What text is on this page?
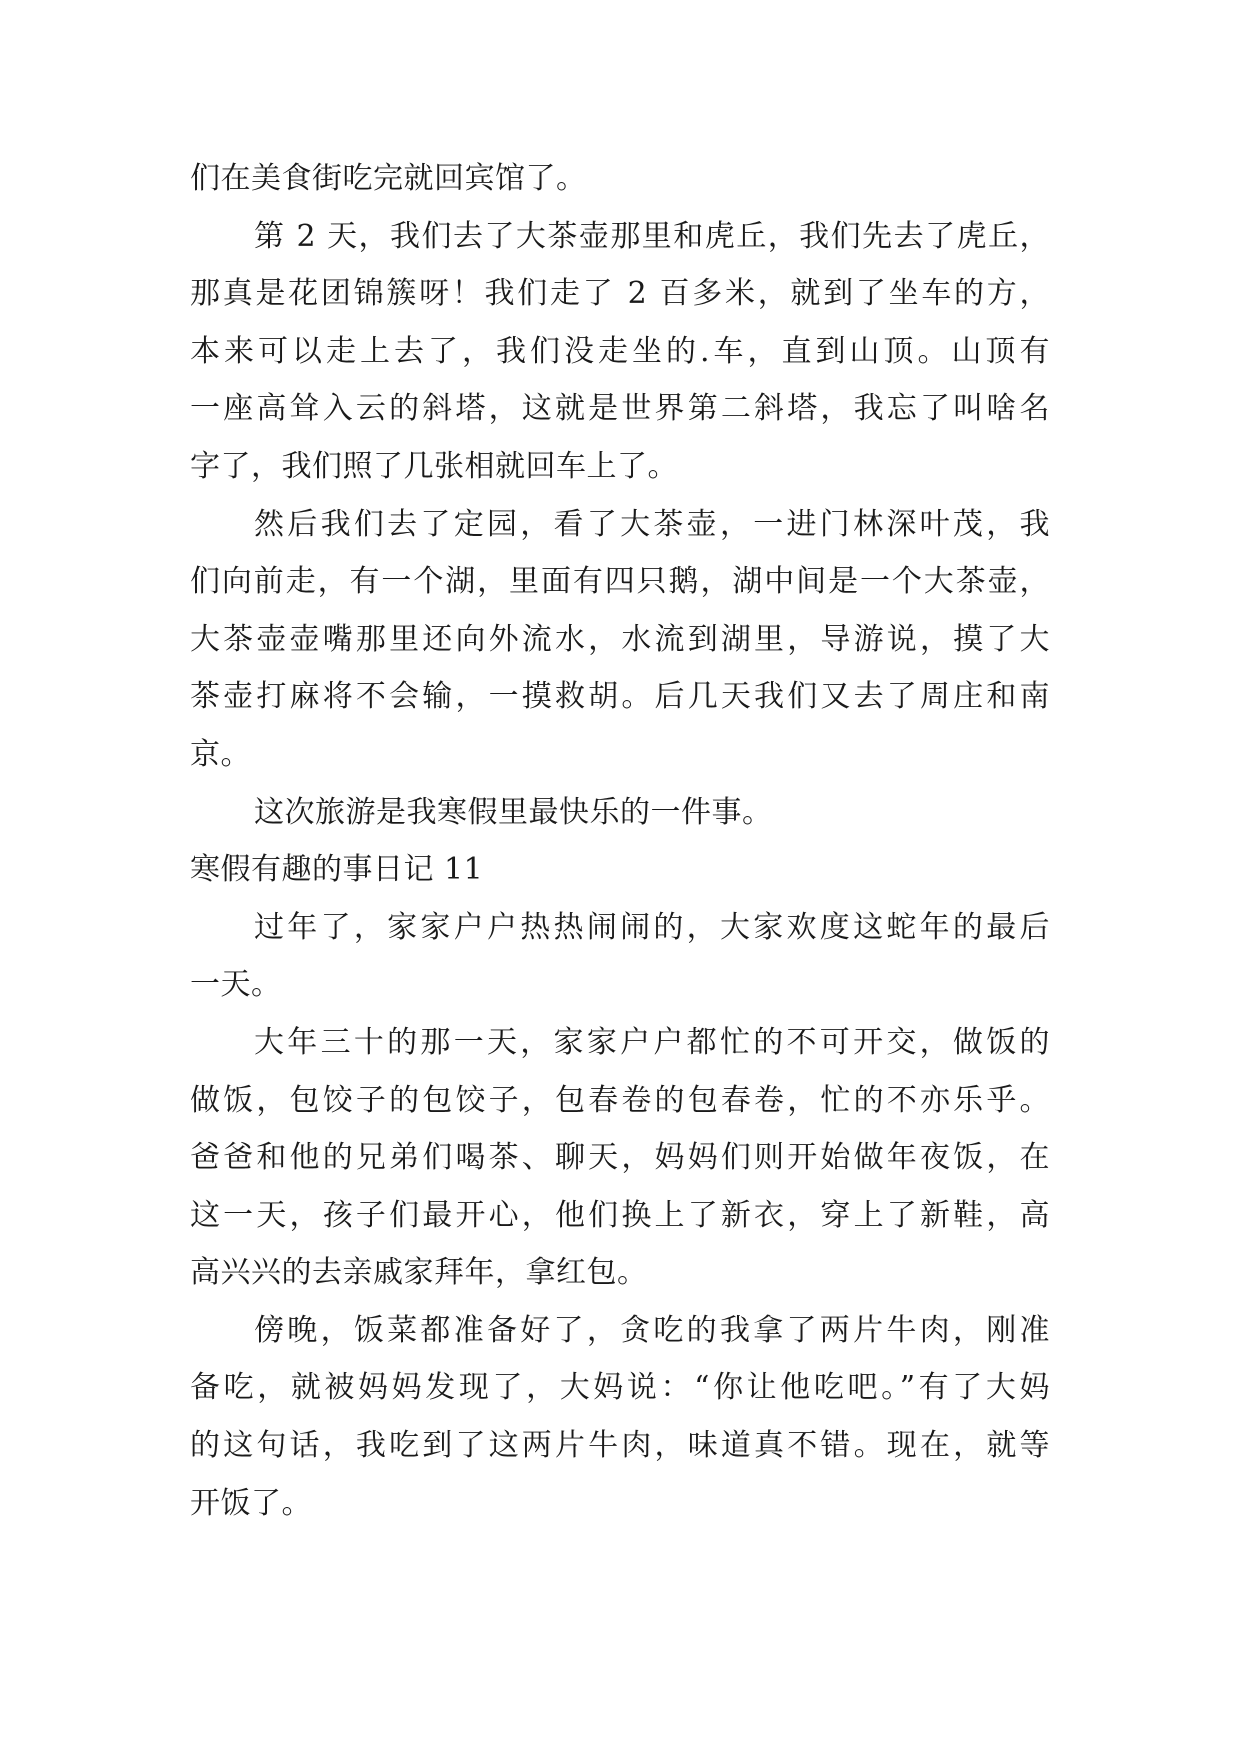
们在美食街吃完就回宾馆了。
第 2 天，我们去了大茶壶那里和虎丘，我们先去了虎丘，
那真是花团锦簇呀！我们走了 2 百多米，就到了坐车的方，
本来可以走上去了，我们没走坐的.车，直到山顶。山顶有
一座高耸入云的斜塔，这就是世界第二斜塔，我忘了叫啥名
字了，我们照了几张相就回车上了。
然后我们去了定园，看了大茶壶，一进门林深叶茂，我
们向前走，有一个湖，里面有四只鹅，湖中间是一个大茶壶，
大茶壶壶嘴那里还向外流水，水流到湖里，导游说，摸了大
茶壶打麻将不会输，一摸救胡。后几天我们又去了周庄和南
京。
这次旅游是我寒假里最快乐的一件事。
寒假有趣的事日记 11
过年了，家家户户热热闹闹的，大家欢度这蛇年的最后
一天。
大年三十的那一天，家家户户都忙的不可开交，做饭的
做饭，包饺子的包饺子，包春卷的包春卷，忙的不亦乐乎。
爸爸和他的兄弟们喝茶、聊天，妈妈们则开始做年夜饭，在
这一天，孩子们最开心，他们换上了新衣，穿上了新鞋，高
高兴兴的去亲戚家拜年，拿红包。
傍晚，饭菜都准备好了，贪吃的我拿了两片牛肉，刚准
备吃，就被妈妈发现了，大妈说：“你让他吃吧。”有了大妈
的这句话，我吃到了这两片牛肉，味道真不错。现在，就等
开饭了。
